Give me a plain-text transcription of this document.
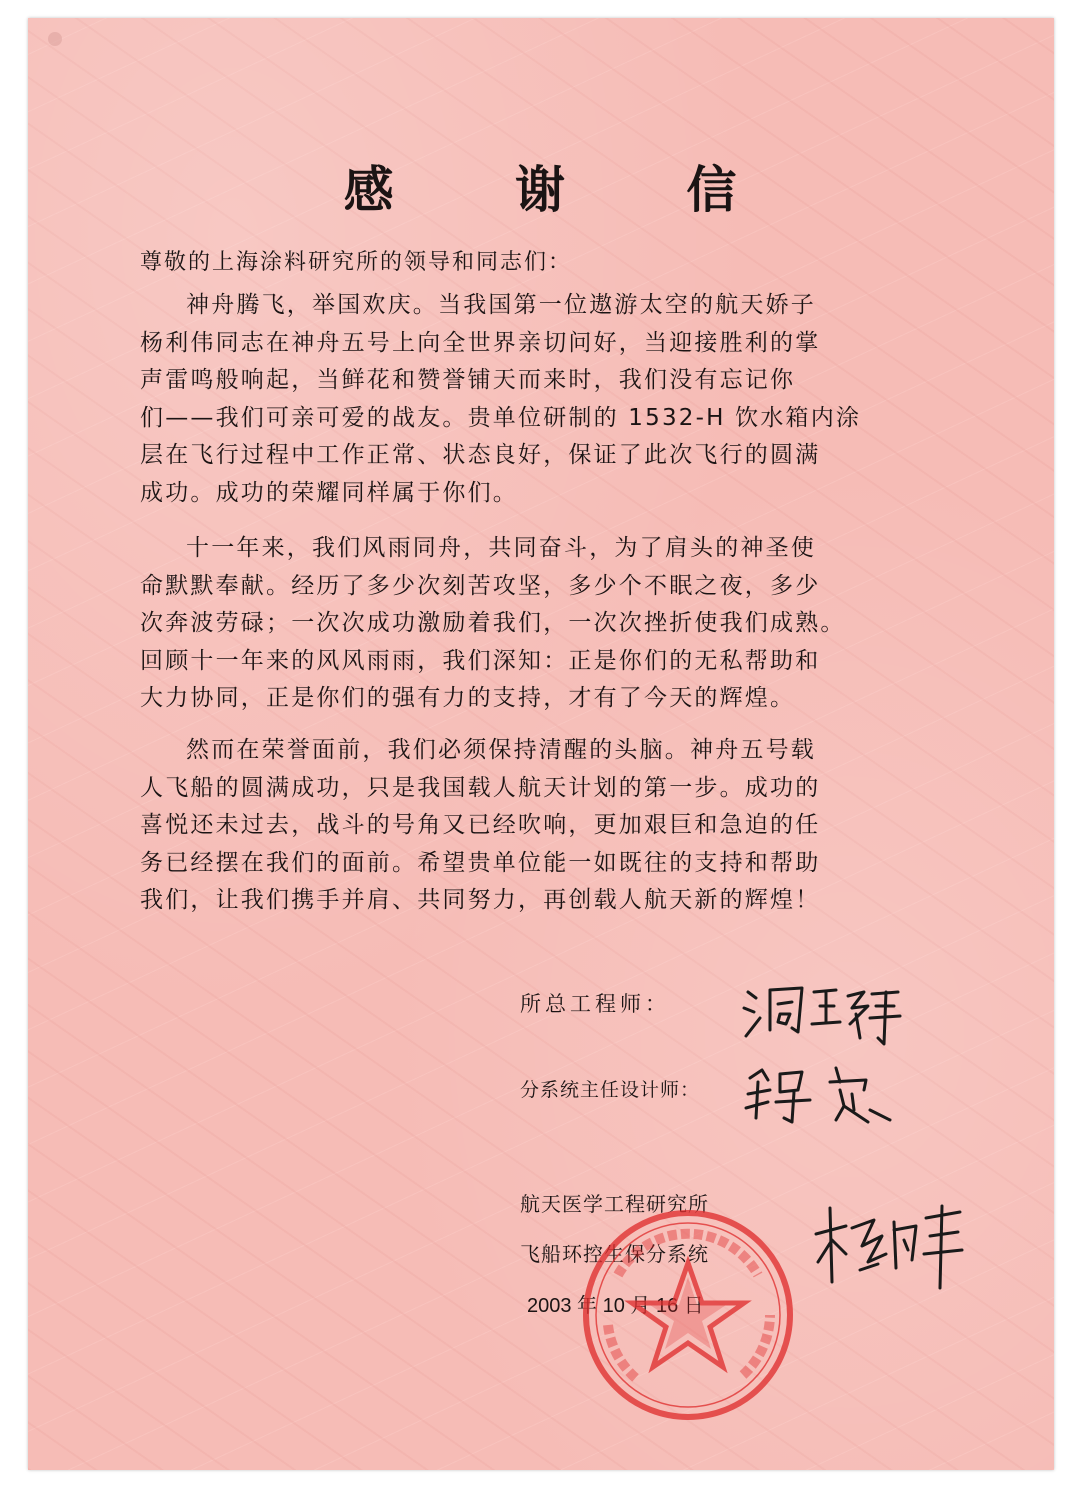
感 谢 信
尊敬的上海涂料研究所的领导和同志们：
神舟腾飞，举国欢庆。当我国第一位遨游太空的航天娇子
杨利伟同志在神舟五号上向全世界亲切问好，当迎接胜利的掌
声雷鸣般响起，当鲜花和赞誉铺天而来时，我们没有忘记你
们——我们可亲可爱的战友。贵单位研制的 1532-H 饮水箱内涂
层在飞行过程中工作正常、状态良好，保证了此次飞行的圆满
成功。成功的荣耀同样属于你们。
十一年来，我们风雨同舟，共同奋斗，为了肩头的神圣使
命默默奉献。经历了多少次刻苦攻坚，多少个不眠之夜，多少
次奔波劳碌；一次次成功激励着我们，一次次挫折使我们成熟。
回顾十一年来的风风雨雨，我们深知：正是你们的无私帮助和
大力协同，正是你们的强有力的支持，才有了今天的辉煌。
然而在荣誉面前，我们必须保持清醒的头脑。神舟五号载
人飞船的圆满成功，只是我国载人航天计划的第一步。成功的
喜悦还未过去，战斗的号角又已经吹响，更加艰巨和急迫的任
务已经摆在我们的面前。希望贵单位能一如既往的支持和帮助
我们，让我们携手并肩、共同努力，再创载人航天新的辉煌！
所总工程师：
分系统主任设计师：
航天医学工程研究所
飞船环控生保分系统
2003 年 10 月 16 日
